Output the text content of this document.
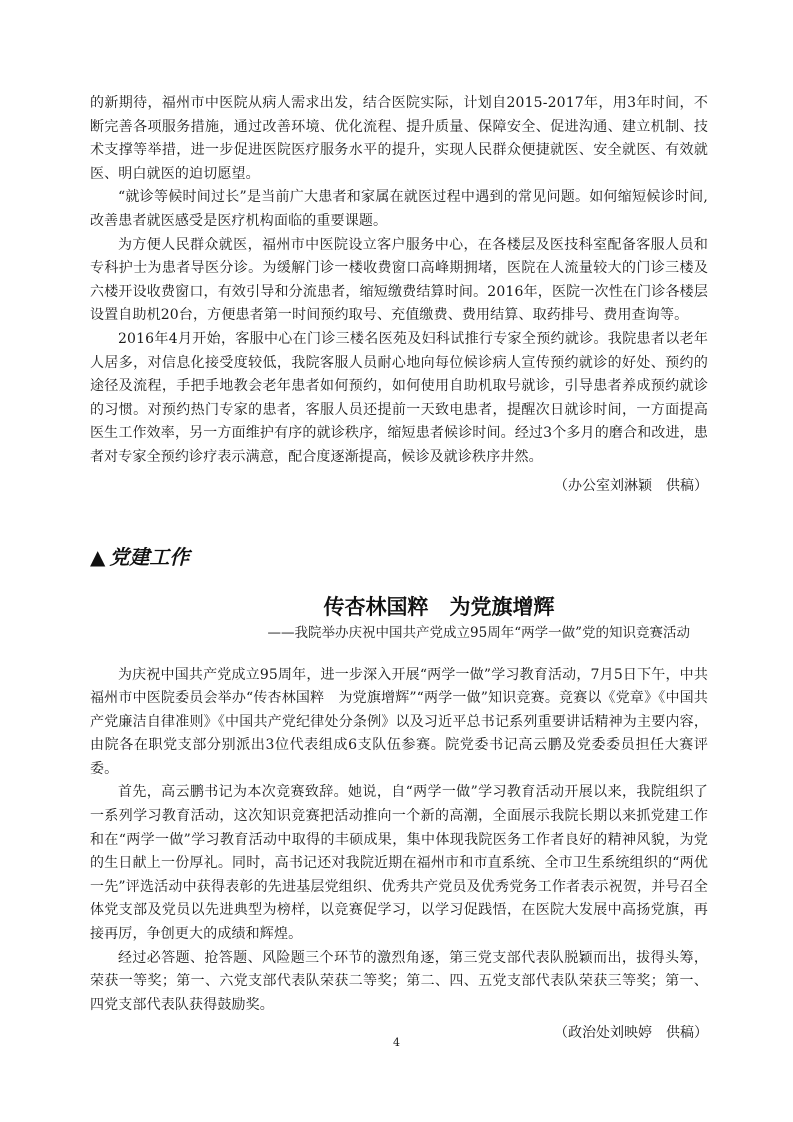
的新期待，福州市中医院从病人需求出发，结合医院实际，计划自2015-2017年，用3年时间，不断完善各项服务措施，通过改善环境、优化流程、提升质量、保障安全、促进沟通、建立机制、技术支撑等举措，进一步促进医院医疗服务水平的提升，实现人民群众便捷就医、安全就医、有效就医、明白就医的迫切愿望。

“就诊等候时间过长”是当前广大患者和家属在就医过程中遇到的常见问题。如何缩短候诊时间,改善患者就医感受是医疗机构面临的重要课题。

为方便人民群众就医，福州市中医院设立客户服务中心，在各楼层及医技科室配备客服人员和专科护士为患者导医分诊。为缓解门诊一楼收费窗口高峰期拥堵，医院在人流量较大的门诊三楼及六楼开设收费窗口，有效引导和分流患者，缩短缴费结算时间。2016年，医院一次性在门诊各楼层设置自助机20台，方便患者第一时间预约取号、充值缴费、费用结算、取药排号、费用查询等。

2016年4月开始，客服中心在门诊三楼名医苑及妇科试推行专家全预约就诊。我院患者以老年人居多，对信息化接受度较低，我院客服人员耐心地向每位候诊病人宣传预约就诊的好处、预约的途径及流程，手把手地教会老年患者如何预约，如何使用自助机取号就诊，引导患者养成预约就诊的习惯。对预约热门专家的患者，客服人员还提前一天致电患者，提醒次日就诊时间，一方面提高医生工作效率，另一方面维护有序的就诊秩序，缩短患者候诊时间。经过3个多月的磨合和改进，患者对专家全预约诊疗表示满意，配合度逐渐提高，候诊及就诊秩序井然。

（办公室刘淋颖　供稿）

▲ 党建工作
传杏林国粹　为党旗增辉

——我院举办庆祝中国共产党成立95周年“两学一做”党的知识竞赛活动

为庆祝中国共产党成立95周年，进一步深入开展“两学一做”学习教育活动，7月5日下午，中共福州市中医院委员会举办“传杏林国粹　为党旗增辉”“两学一做”知识竞赛。竞赛以《党章》《中国共产党廉洁自律准则》《中国共产党纪律处分条例》以及习近平总书记系列重要讲话精神为主要内容，由院各在职党支部分别派出3位代表组成6支队伍参赛。院党委书记高云鹏及党委委员担任大赛评委。

首先，高云鹏书记为本次竞赛致辞。她说，自“两学一做”学习教育活动开展以来，我院组织了一系列学习教育活动，这次知识竞赛把活动推向一个新的高潮，全面展示我院长期以来抓党建工作和在“两学一做”学习教育活动中取得的丰硕成果，集中体现我院医务工作者良好的精神风貌，为党的生日献上一份厚礼。同时，高书记还对我院近期在福州市和市直系统、全市卫生系统组织的“两优一先”评选活动中获得表彰的先进基层党组织、优秀共产党员及优秀党务工作者表示祝贺，并号召全体党支部及党员以先进典型为榜样，以竞赛促学习，以学习促践悟，在医院大发展中高扬党旗，再接再厉，争创更大的成绩和辉煌。

经过必答题、抢答题、风险题三个环节的激烈角逐，第三党支部代表队脱颖而出，拔得头筹，荣获一等奖；第一、六党支部代表队荣获二等奖；第二、四、五党支部代表队荣获三等奖；第一、四党支部代表队获得鼓励奖。

（政治处刘映婷　供稿）

4
